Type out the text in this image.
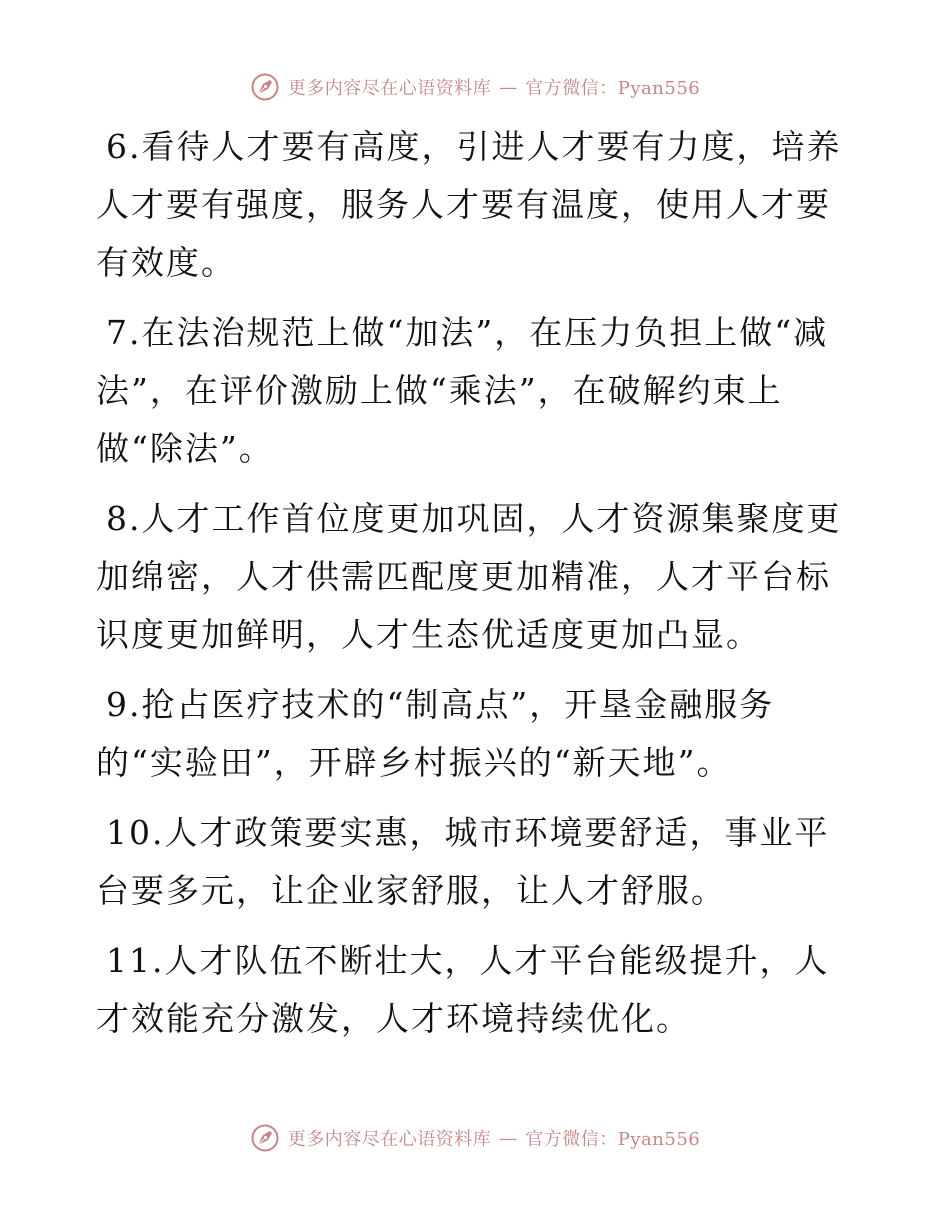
更多内容尽在心语资料库 — 官方微信：Pyan556

6.看待人才要有高度，引进人才要有力度，培养人才要有强度，服务人才要有温度，使用人才要有效度。

7.在法治规范上做“加法”，在压力负担上做“减法”，在评价激励上做“乘法”，在破解约束上做“除法”。

8.人才工作首位度更加巩固，人才资源集聚度更加绵密，人才供需匹配度更加精准，人才平台标识度更加鲜明，人才生态优适度更加凸显。

9.抢占医疗技术的“制高点”，开垦金融服务的“实验田”，开辟乡村振兴的“新天地”。

10.人才政策要实惠，城市环境要舒适，事业平台要多元，让企业家舒服，让人才舒服。

11.人才队伍不断壮大，人才平台能级提升，人才效能充分激发，人才环境持续优化。

更多内容尽在心语资料库 — 官方微信：Pyan556
